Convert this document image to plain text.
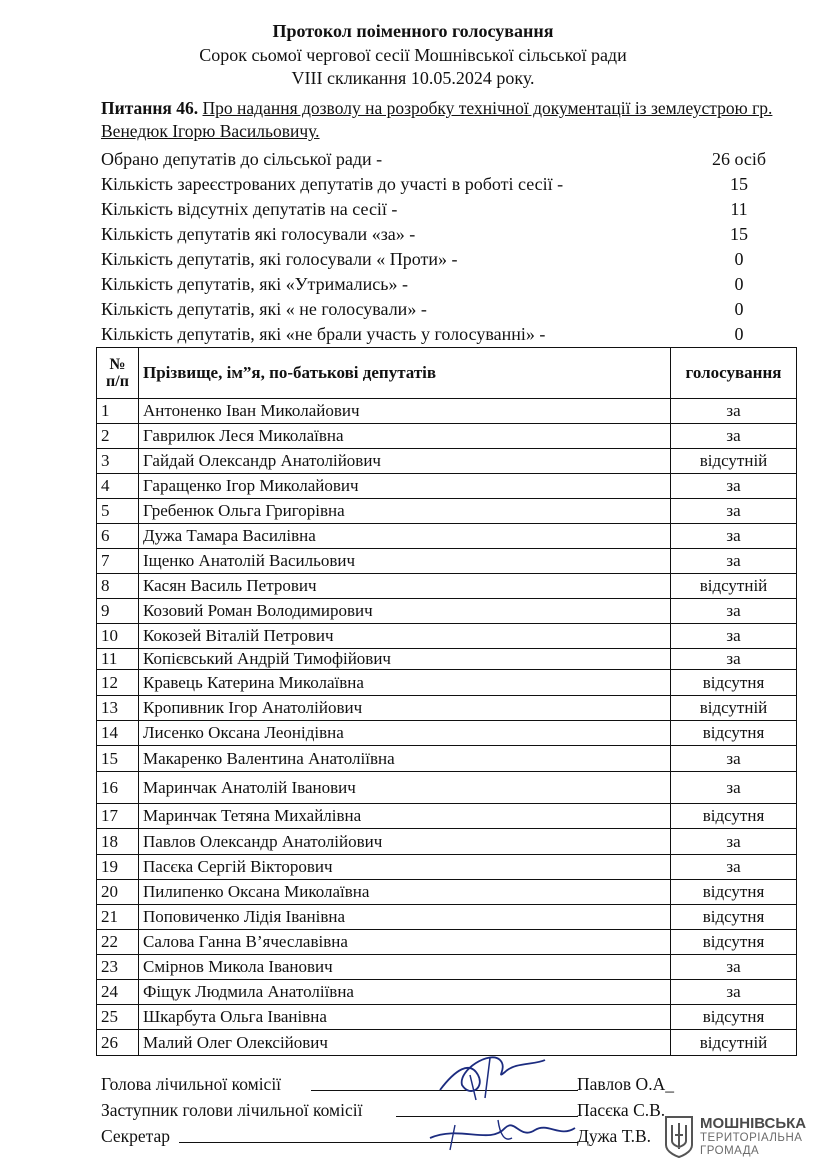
Протокол поіменного голосування
Сорок сьомої чергової сесії Мошнівської сільської ради
VIII скликання 10.05.2024 року.
Питання 46. Про надання дозволу на розробку технічної документації із землеустрою гр. Венедюк Ігорю Васильовичу.
Обрано депутатів до сільської ради -	26 осіб
Кількість зареєстрованих депутатів до участі в роботі сесії -	15
Кількість відсутніх депутатів на сесії -	11
Кількість депутатів які голосували «за» -	15
Кількість депутатів, які голосували « Проти» -	0
Кількість депутатів, які «Утримались» -	0
Кількість депутатів, які « не голосували» -	0
Кількість депутатів, які «не брали участь у голосуванні» -	0
№ п/п	Прізвище, ім”я, по-батькові депутатів	голосування
1	Антоненко Іван Миколайович	за
2	Гаврилюк Леся Миколаївна	за
3	Гайдай Олександр Анатолійович	відсутній
4	Гаращенко Ігор Миколайович	за
5	Гребенюк Ольга Григорівна	за
6	Дужа Тамара Василівна	за
7	Іщенко Анатолій Васильович	за
8	Касян Василь Петрович	відсутній
9	Козовий Роман Володимирович	за
10	Кокозей Віталій Петрович	за
11	Копієвський Андрій Тимофійович	за
12	Кравець Катерина Миколаївна	відсутня
13	Кропивник Ігор Анатолійович	відсутній
14	Лисенко Оксана Леонідівна	відсутня
15	Макаренко Валентина Анатоліївна	за
16	Маринчак Анатолій Іванович	за
17	Маринчак Тетяна Михайлівна	відсутня
18	Павлов Олександр Анатолійович	за
19	Пасєка Сергій Вікторович	за
20	Пилипенко Оксана Миколаївна	відсутня
21	Поповиченко Лідія Іванівна	відсутня
22	Салова Ганна В’ячеславівна	відсутня
23	Смірнов Микола Іванович	за
24	Фіщук Людмила Анатоліївна	за
25	Шкарбута Ольга Іванівна	відсутня
26	Малий Олег Олексійович	відсутній
Голова лічильної комісії	Павлов О.А_
Заступник голови лічильної комісії	Пасєка С.В.
Секретар	Дужа Т.В.
МОШНІВСЬКА
ТЕРИТОРІАЛЬНА
ГРОМАДА
